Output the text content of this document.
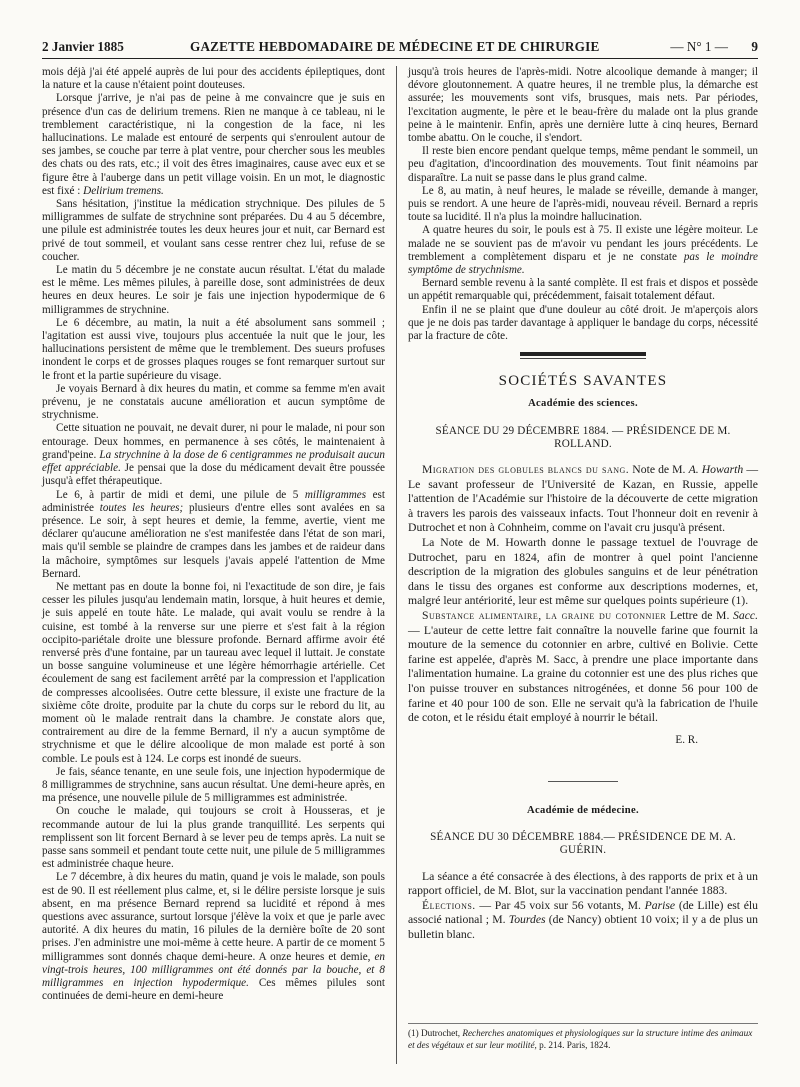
2 Janvier 1885	GAZETTE HEBDOMADAIRE DE MÉDECINE ET DE CHIRURGIE	— N° 1 — 9

mois déjà j'ai été appelé auprès de lui pour des accidents épileptiques, dont la nature et la cause n'étaient point douteuses.

Lorsque j'arrive, je n'ai pas de peine à me convaincre que je suis en présence d'un cas de delirium tremens. Rien ne manque à ce tableau, ni le tremblement caractéristique, ni la congestion de la face, ni les hallucinations. Le malade est entouré de serpents qui s'enroulent autour de ses jambes, se couche par terre à plat ventre, pour chercher sous les meubles des chats ou des rats, etc.; il voit des êtres imaginaires, cause avec eux et se figure être à l'auberge dans un petit village voisin. En un mot, le diagnostic est fixé : Delirium tremens.

Sans hésitation, j'institue la médication strychnique. Des pilules de 5 milligrammes de sulfate de strychnine sont préparées. Du 4 au 5 décembre, une pilule est administrée toutes les deux heures jour et nuit, car Bernard est privé de tout sommeil, et voulant sans cesse rentrer chez lui, refuse de se coucher.

Le matin du 5 décembre je ne constate aucun résultat. L'état du malade est le même. Les mêmes pilules, à pareille dose, sont administrées de deux heures en deux heures. Le soir je fais une injection hypodermique de 6 milligrammes de strychnine.

Le 6 décembre, au matin, la nuit a été absolument sans sommeil ; l'agitation est aussi vive, toujours plus accentuée la nuit que le jour, les hallucinations persistent de même que le tremblement. Des sueurs profuses inondent le corps et de grosses plaques rouges se font remarquer surtout sur le front et la partie supérieure du visage.

Je voyais Bernard à dix heures du matin, et comme sa femme m'en avait prévenu, je ne constatais aucune amélioration et aucun symptôme de strychnisme.

Cette situation ne pouvait, ne devait durer, ni pour le malade, ni pour son entourage. Deux hommes, en permanence à ses côtés, le maintenaient à grand'peine. La strychnine à la dose de 6 centigrammes ne produisait aucun effet appréciable. Je pensai que la dose du médicament devait être poussée jusqu'à effet thérapeutique.

Le 6, à partir de midi et demi, une pilule de 5 milligrammes est administrée toutes les heures; plusieurs d'entre elles sont avalées en sa présence. Le soir, à sept heures et demie, la femme, avertie, vient me déclarer qu'aucune amélioration ne s'est manifestée dans l'état de son mari, mais qu'il semble se plaindre de crampes dans les jambes et de raideur dans la mâchoire, symptômes sur lesquels j'avais appelé l'attention de Mme Bernard.

Ne mettant pas en doute la bonne foi, ni l'exactitude de son dire, je fais cesser les pilules jusqu'au lendemain matin, lorsque, à huit heures et demie, je suis appelé en toute hâte. Le malade, qui avait voulu se rendre à la cuisine, est tombé à la renverse sur une pierre et s'est fait à la région occipito-pariétale droite une blessure profonde. Bernard affirme avoir été renversé près d'une fontaine, par un taureau avec lequel il luttait. Je constate un bosse sanguine volumineuse et une légère hémorrhagie artérielle. Cet écoulement de sang est facilement arrêté par la compression et l'application de compresses alcoolisées. Outre cette blessure, il existe une fracture de la sixième côte droite, produite par la chute du corps sur le rebord du lit, au moment où le malade rentrait dans la chambre. Je constate alors que, contrairement au dire de la femme Bernard, il n'y a aucun symptôme de strychnisme et que le délire alcoolique de mon malade est porté à son comble. Le pouls est à 124. Le corps est inondé de sueurs.

Je fais, séance tenante, en une seule fois, une injection hypodermique de 8 milligrammes de strychnine, sans aucun résultat. Une demi-heure après, en ma présence, une nouvelle pilule de 5 milligrammes est administrée.

On couche le malade, qui toujours se croit à Housseras, et je recommande autour de lui la plus grande tranquillité. Les serpents qui remplissent son lit forcent Bernard à se lever peu de temps après. La nuit se passe sans sommeil et pendant toute cette nuit, une pilule de 5 milligrammes est administrée chaque heure.

Le 7 décembre, à dix heures du matin, quand je vois le malade, son pouls est de 90. Il est réellement plus calme, et, si le délire persiste lorsque je suis absent, en ma présence Bernard reprend sa lucidité et répond à mes questions avec assurance, surtout lorsque j'élève la voix et que je parle avec autorité. A dix heures du matin, 16 pilules de la dernière boîte de 20 sont prises. J'en administre une moi-même à cette heure. A partir de ce moment 5 milligrammes sont donnés chaque demi-heure. A onze heures et demie, en vingt-trois heures, 100 milligrammes ont été donnés par la bouche, et 8 milligrammes en injection hypodermique. Ces mêmes pilules sont continuées de demi-heure en demi-heure

jusqu'à trois heures de l'après-midi. Notre alcoolique demande à manger; il dévore gloutonnement. A quatre heures, il ne tremble plus, la démarche est assurée; les mouvements sont vifs, brusques, mais nets. Par périodes, l'excitation augmente, le père et le beau-frère du malade ont la plus grande peine à le maintenir. Enfin, après une dernière lutte à cinq heures, Bernard tombe abattu. On le couche, il s'endort.

Il reste bien encore pendant quelque temps, même pendant le sommeil, un peu d'agitation, d'incoordination des mouvements. Tout finit néamoins par disparaître. La nuit se passe dans le plus grand calme.

Le 8, au matin, à neuf heures, le malade se réveille, demande à manger, puis se rendort. A une heure de l'après-midi, nouveau réveil. Bernard a repris toute sa lucidité. Il n'a plus la moindre hallucination.

A quatre heures du soir, le pouls est à 75. Il existe une légère moiteur. Le malade ne se souvient pas de m'avoir vu pendant les jours précédents. Le tremblement a complètement disparu et je ne constate pas le moindre symptôme de strychnisme.

Bernard semble revenu à la santé complète. Il est frais et dispos et possède un appétit remarquable qui, précédemment, faisait totalement défaut.

Enfin il ne se plaint que d'une douleur au côté droit. Je m'aperçois alors que je ne dois pas tarder davantage à appliquer le bandage du corps, nécessité par la fracture de côte.

SOCIÉTÉS SAVANTES
Académie des sciences.
SÉANCE DU 29 DÉCEMBRE 1884. — PRÉSIDENCE DE M. ROLLAND.

Migration des globules blancs du sang. Note de M. A. Howarth — Le savant professeur de l'Université de Kazan, en Russie, appelle l'attention de l'Académie sur l'histoire de la découverte de cette migration à travers les parois des vaisseaux infacts. Tout l'honneur doit en revenir à Dutrochet et non à Cohnheim, comme on l'avait cru jusqu'à présent.

La Note de M. Howarth donne le passage textuel de l'ouvrage de Dutrochet, paru en 1824, afin de montrer à quel point l'ancienne description de la migration des globules sanguins et de leur pénétration dans le tissu des organes est conforme aux descriptions modernes, et, malgré leur antériorité, leur est même sur quelques points supérieure (1).

Substance alimentaire, la graine du cotonnier Lettre de M. Sacc. — L'auteur de cette lettre fait connaître la nouvelle farine que fournit la mouture de la semence du cotonnier en arbre, cultivé en Bolivie. Cette farine est appelée, d'après M. Sacc, à prendre une place importante dans l'alimentation humaine. La graine du cotonnier est une des plus riches que l'on puisse trouver en substances nitrogénées, et donne 56 pour 100 de farine et 40 pour 100 de son. Elle ne servait qu'à la fabrication de l'huile de coton, et le résidu était employé à nourrir le bétail.

E. R.
Académie de médecine.
SÉANCE DU 30 DÉCEMBRE 1884.— PRÉSIDENCE DE M. A. GUÉRIN.

La séance a été consacrée à des élections, à des rapports de prix et à un rapport officiel, de M. Blot, sur la vaccination pendant l'année 1883.

Élections. — Par 45 voix sur 56 votants, M. Parise (de Lille) est élu associé national ; M. Tourdes (de Nancy) obtient 10 voix; il y a de plus un bulletin blanc.

(1) Dutrochet, Recherches anatomiques et physiologiques sur la structure intime des animaux et des végétaux et sur leur motilité, p. 214. Paris, 1824.
